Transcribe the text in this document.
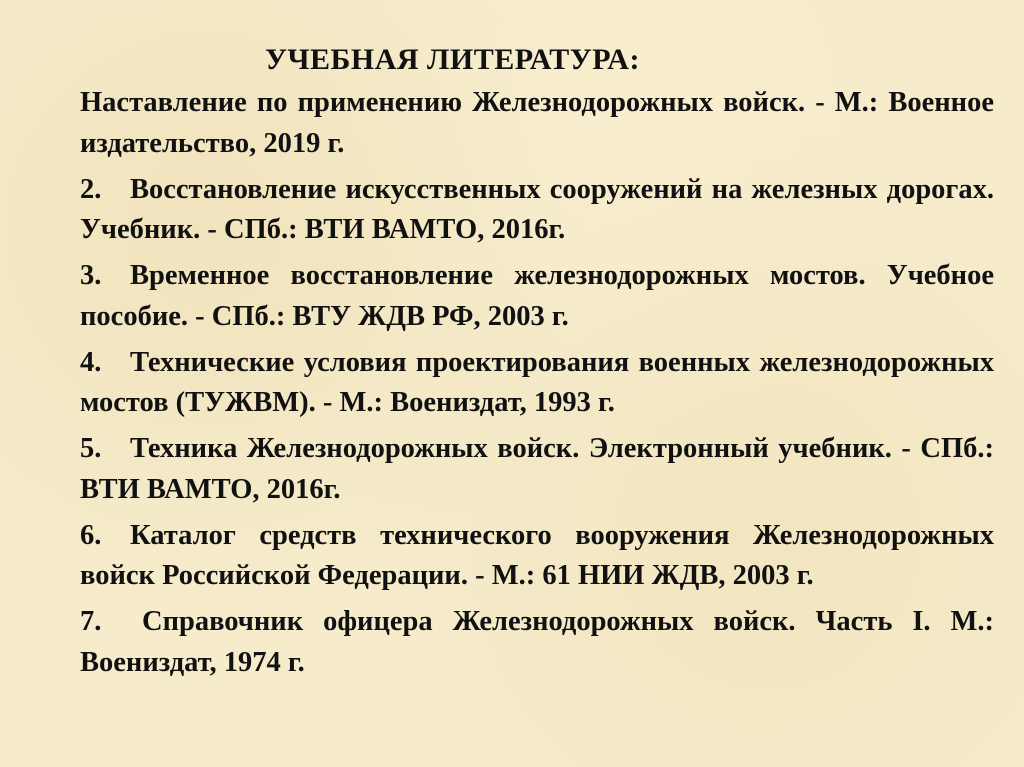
УЧЕБНАЯ ЛИТЕРАТУРА:

Наставление по применению Железнодорожных войск. - М.: Военное издательство, 2019 г.

2. Восстановление искусственных сооружений на железных дорогах. Учебник. - СПб.: ВТИ ВАМТО, 2016г.

3. Временное восстановление железнодорожных мостов. Учебное пособие. - СПб.: ВТУ ЖДВ РФ, 2003 г.

4. Технические условия проектирования военных железнодорожных мостов (ТУЖВМ). - М.: Воениздат, 1993 г.

5. Техника Железнодорожных войск. Электронный учебник. - СПб.: ВТИ ВАМТО, 2016г.

6. Каталог средств технического вооружения Железнодорожных войск Российской Федерации. - М.: 61 НИИ ЖДВ, 2003 г.

7. Справочник офицера Железнодорожных войск. Часть I. М.: Воениздат, 1974 г.
